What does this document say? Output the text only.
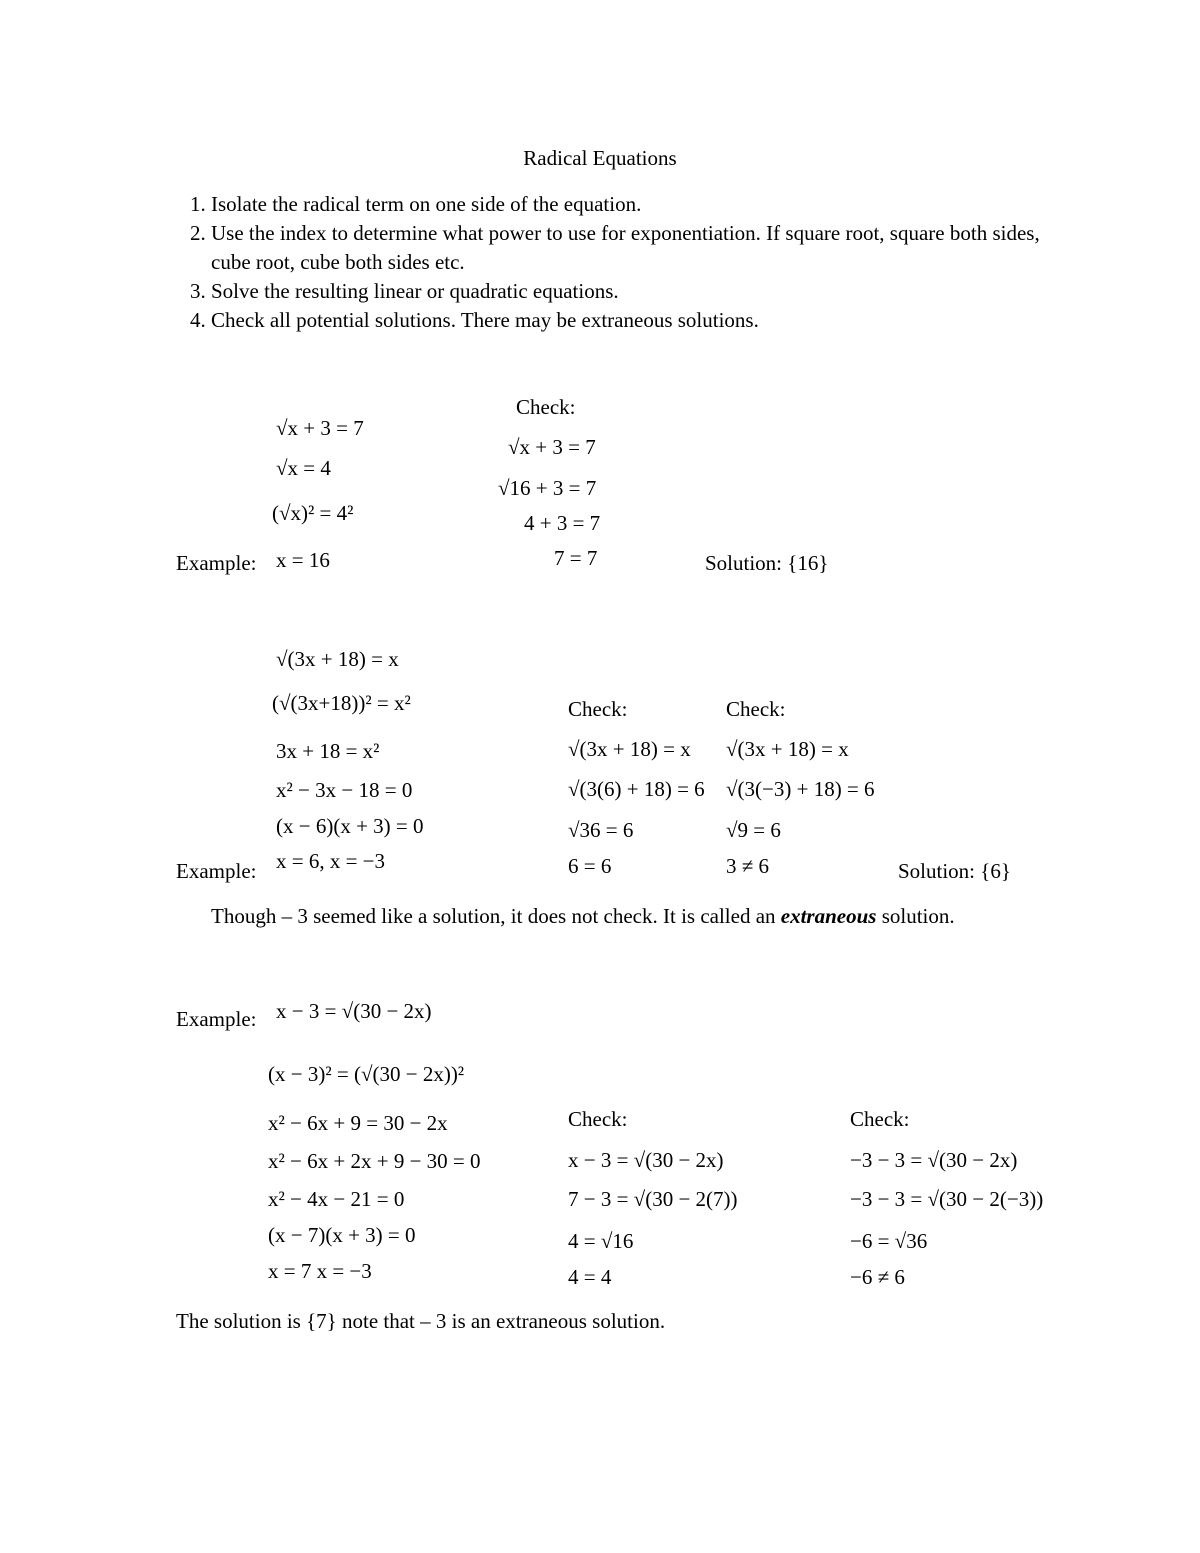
Radical Equations
1. Isolate the radical term on one side of the equation.
2. Use the index to determine what power to use for exponentiation. If square root, square both sides, cube root, cube both sides etc.
3. Solve the resulting linear or quadratic equations.
4. Check all potential solutions. There may be extraneous solutions.
√x + 3 = 7
√x = 4
(√x)² = 4²
Example: x = 16
Check:
√x + 3 = 7
√16 + 3 = 7
4 + 3 = 7
7 = 7	Solution: {16}
√(3x + 18) = x
(√(3x+18))² = x²
3x + 18 = x²
x² − 3x − 18 = 0
(x − 6)(x + 3) = 0
Example: x = 6, x = −3
Check:
√(3x + 18) = x
√(3(6) + 18) = 6
√36 = 6
6 = 6
Check:
√(3x + 18) = x
√(3(−3) + 18) = 6
√9 = 6
3 ≠ 6	Solution: {6}
Though – 3 seemed like a solution, it does not check. It is called an extraneous solution.
Example: x − 3 = √(30 − 2x)
(x − 3)² = (√(30 − 2x))²
x² − 6x + 9 = 30 − 2x
x² − 6x + 2x + 9 − 30 = 0
x² − 4x − 21 = 0
(x − 7)(x + 3) = 0
x = 7 x = −3
Check:
x − 3 = √(30 − 2x)
7 − 3 = √(30 − 2(7))
4 = √16
4 = 4
Check:
−3 − 3 = √(30 − 2x)
−3 − 3 = √(30 − 2(−3))
−6 = √36
−6 ≠ 6
The solution is {7} note that – 3 is an extraneous solution.
